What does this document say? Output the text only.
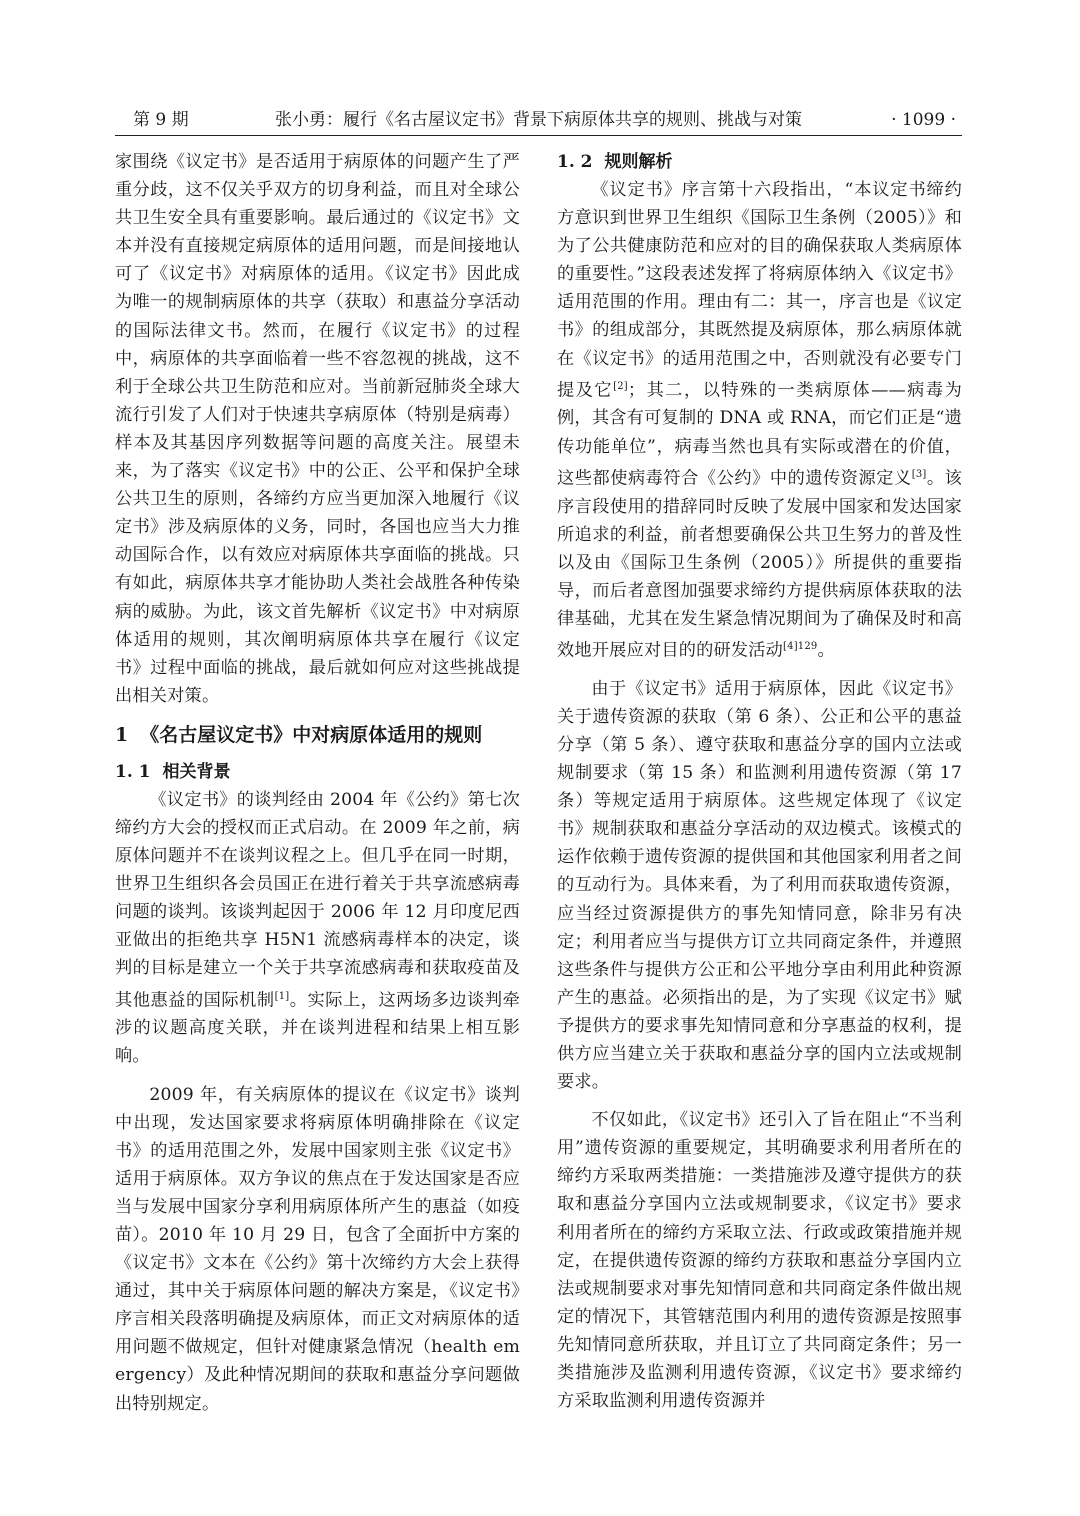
第 9 期	张小勇：履行《名古屋议定书》背景下病原体共享的规则、挑战与对策	· 1099 ·

家围绕《议定书》是否适用于病原体的问题产生了严重分歧，这不仅关乎双方的切身利益，而且对全球公共卫生安全具有重要影响。最后通过的《议定书》文本并没有直接规定病原体的适用问题，而是间接地认可了《议定书》对病原体的适用。《议定书》因此成为唯一的规制病原体的共享（获取）和惠益分享活动的国际法律文书。然而，在履行《议定书》的过程中，病原体的共享面临着一些不容忽视的挑战，这不利于全球公共卫生防范和应对。当前新冠肺炎全球大流行引发了人们对于快速共享病原体（特别是病毒）样本及其基因序列数据等问题的高度关注。展望未来，为了落实《议定书》中的公正、公平和保护全球公共卫生的原则，各缔约方应当更加深入地履行《议定书》涉及病原体的义务，同时，各国也应当大力推动国际合作，以有效应对病原体共享面临的挑战。只有如此，病原体共享才能协助人类社会战胜各种传染病的威胁。为此，该文首先解析《议定书》中对病原体适用的规则，其次阐明病原体共享在履行《议定书》过程中面临的挑战，最后就如何应对这些挑战提出相关对策。

1 《名古屋议定书》中对病原体适用的规则
1. 1 相关背景

《议定书》的谈判经由 2004 年《公约》第七次缔约方大会的授权而正式启动。在 2009 年之前，病原体问题并不在谈判议程之上。但几乎在同一时期，世界卫生组织各会员国正在进行着关于共享流感病毒问题的谈判。该谈判起因于 2006 年 12 月印度尼西亚做出的拒绝共享 H5N1 流感病毒样本的决定，谈判的目标是建立一个关于共享流感病毒和获取疫苗及其他惠益的国际机制[1]。实际上，这两场多边谈判牵涉的议题高度关联，并在谈判进程和结果上相互影响。

2009 年，有关病原体的提议在《议定书》谈判中出现，发达国家要求将病原体明确排除在《议定书》的适用范围之外，发展中国家则主张《议定书》适用于病原体。双方争议的焦点在于发达国家是否应当与发展中国家分享利用病原体所产生的惠益（如疫苗）。2010 年 10 月 29 日，包含了全面折中方案的《议定书》文本在《公约》第十次缔约方大会上获得通过，其中关于病原体问题的解决方案是，《议定书》序言相关段落明确提及病原体，而正文对病原体的适用问题不做规定，但针对健康紧急情况（health emergency）及此种情况期间的获取和惠益分享问题做出特别规定。

1. 2 规则解析

《议定书》序言第十六段指出，“本议定书缔约方意识到世界卫生组织《国际卫生条例（2005）》和为了公共健康防范和应对的目的确保获取人类病原体的重要性。”这段表述发挥了将病原体纳入《议定书》适用范围的作用。理由有二：其一，序言也是《议定书》的组成部分，其既然提及病原体，那么病原体就在《议定书》的适用范围之中，否则就没有必要专门提及它[2]；其二，以特殊的一类病原体——病毒为例，其含有可复制的 DNA 或 RNA，而它们正是“遗传功能单位”，病毒当然也具有实际或潜在的价值，这些都使病毒符合《公约》中的遗传资源定义[3]。该序言段使用的措辞同时反映了发展中国家和发达国家所追求的利益，前者想要确保公共卫生努力的普及性以及由《国际卫生条例（2005）》所提供的重要指导，而后者意图加强要求缔约方提供病原体获取的法律基础，尤其在发生紧急情况期间为了确保及时和高效地开展应对目的的研发活动$^{[4]129}$。

由于《议定书》适用于病原体，因此《议定书》关于遗传资源的获取（第 6 条）、公正和公平的惠益分享（第 5 条）、遵守获取和惠益分享的国内立法或规制要求（第 15 条）和监测利用遗传资源（第 17 条）等规定适用于病原体。这些规定体现了《议定书》规制获取和惠益分享活动的双边模式。该模式的运作依赖于遗传资源的提供国和其他国家利用者之间的互动行为。具体来看，为了利用而获取遗传资源，应当经过资源提供方的事先知情同意，除非另有决定；利用者应当与提供方订立共同商定条件，并遵照这些条件与提供方公正和公平地分享由利用此种资源产生的惠益。必须指出的是，为了实现《议定书》赋予提供方的要求事先知情同意和分享惠益的权利，提供方应当建立关于获取和惠益分享的国内立法或规制要求。

不仅如此，《议定书》还引入了旨在阻止“不当利用”遗传资源的重要规定，其明确要求利用者所在的缔约方采取两类措施：一类措施涉及遵守提供方的获取和惠益分享国内立法或规制要求，《议定书》要求利用者所在的缔约方采取立法、行政或政策措施并规定，在提供遗传资源的缔约方获取和惠益分享国内立法或规制要求对事先知情同意和共同商定条件做出规定的情况下，其管辖范围内利用的遗传资源是按照事先知情同意所获取，并且订立了共同商定条件；另一类措施涉及监测利用遗传资源，《议定书》要求缔约方采取监测利用遗传资源并
